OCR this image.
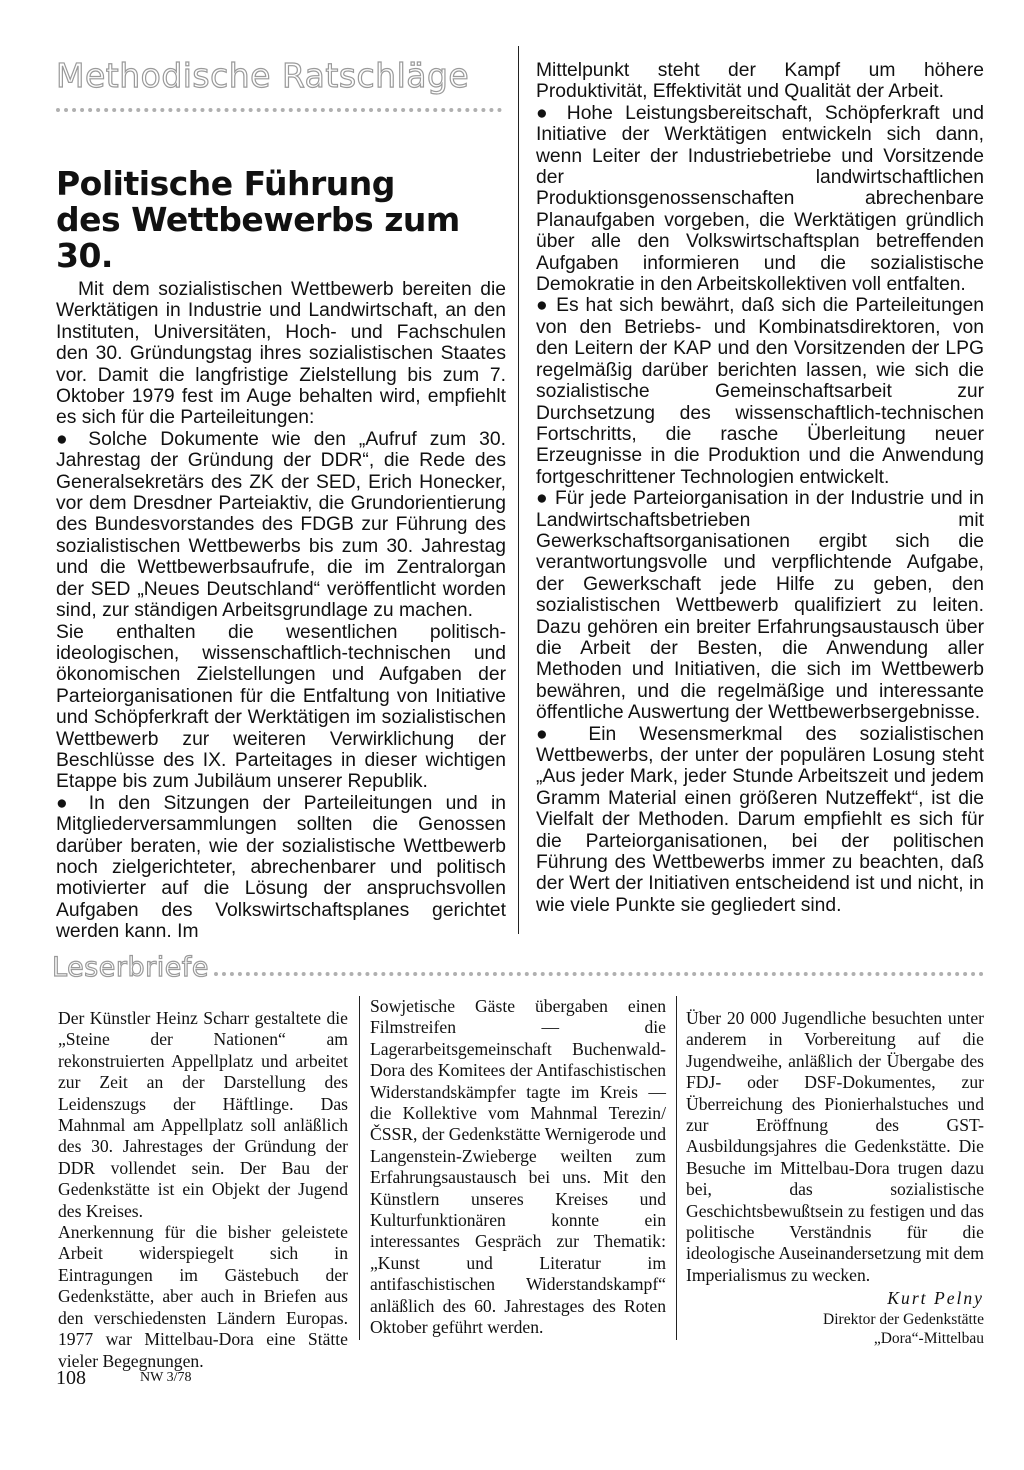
Methodische Ratschläge
Politische Führung
des Wettbewerbs zum 30.

Mit dem sozialistischen Wettbewerb bereiten die Werktätigen in Industrie und Landwirtschaft, an den Instituten, Universitäten, Hoch- und Fachschulen den 30. Gründungstag ihres sozialistischen Staates vor. Damit die langfristige Zielstellung bis zum 7. Oktober 1979 fest im Auge behalten wird, empfiehlt es sich für die Parteileitungen:

● Solche Dokumente wie den „Aufruf zum 30. Jahrestag der Gründung der DDR“, die Rede des Generalsekretärs des ZK der SED, Erich Honecker, vor dem Dresdner Parteiaktiv, die Grundorientierung des Bundesvorstandes des FDGB zur Führung des sozialistischen Wettbewerbs bis zum 30. Jahrestag und die Wettbewerbsaufrufe, die im Zentralorgan der SED „Neues Deutschland“ veröffentlicht worden sind, zur ständigen Arbeitsgrundlage zu machen.

Sie enthalten die wesentlichen politisch-ideologischen, wissenschaftlich-technischen und ökonomischen Zielstellungen und Aufgaben der Parteiorganisationen für die Entfaltung von Initiative und Schöpferkraft der Werktätigen im sozialistischen Wettbewerb zur weiteren Verwirklichung der Beschlüsse des IX. Parteitages in dieser wichtigen Etappe bis zum Jubiläum unserer Republik.

● In den Sitzungen der Parteileitungen und in Mitgliederversammlungen sollten die Genossen darüber beraten, wie der sozialistische Wettbewerb noch zielgerichteter, abrechenbarer und politisch motivierter auf die Lösung der anspruchsvollen Aufgaben des Volkswirtschaftsplanes gerichtet werden kann. Im

Mittelpunkt steht der Kampf um höhere Produktivität, Effektivität und Qualität der Arbeit.

● Hohe Leistungsbereitschaft, Schöpferkraft und Initiative der Werktätigen entwickeln sich dann, wenn Leiter der Industriebetriebe und Vorsitzende der landwirtschaftlichen Produktionsgenossenschaften abrechenbare Planaufgaben vorgeben, die Werktätigen gründlich über alle den Volkswirtschaftsplan betreffenden Aufgaben informieren und die sozialistische Demokratie in den Arbeitskollektiven voll entfalten.

● Es hat sich bewährt, daß sich die Parteileitungen von den Betriebs- und Kombinatsdirektoren, von den Leitern der KAP und den Vorsitzenden der LPG regelmäßig darüber berichten lassen, wie sich die sozialistische Gemeinschaftsarbeit zur Durchsetzung des wissenschaftlich-technischen Fortschritts, die rasche Überleitung neuer Erzeugnisse in die Produktion und die Anwendung fortgeschrittener Technologien entwickelt.

● Für jede Parteiorganisation in der Industrie und in Landwirtschaftsbetrieben mit Gewerkschaftsorganisationen ergibt sich die verantwortungsvolle und verpflichtende Aufgabe, der Gewerkschaft jede Hilfe zu geben, den sozialistischen Wettbewerb qualifiziert zu leiten. Dazu gehören ein breiter Erfahrungsaustausch über die Arbeit der Besten, die Anwendung aller Methoden und Initiativen, die sich im Wettbewerb bewähren, und die regelmäßige und interessante öffentliche Auswertung der Wettbewerbsergebnisse.

● Ein Wesensmerkmal des sozialistischen Wettbewerbs, der unter der populären Losung steht „Aus jeder Mark, jeder Stunde Arbeitszeit und jedem Gramm Material einen größeren Nutzeffekt“, ist die Vielfalt der Methoden. Darum empfiehlt es sich für die Parteiorganisationen, bei der politischen Führung des Wettbewerbs immer zu beachten, daß der Wert der Initiativen entscheidend ist und nicht, in wie viele Punkte sie gegliedert sind.

Leserbriefe

Der Künstler Heinz Scharr gestaltete die „Steine der Nationen“ am rekonstruierten Appellplatz und arbeitet zur Zeit an der Darstellung des Leidenszugs der Häftlinge. Das Mahnmal am Appellplatz soll anläßlich des 30. Jahrestages der Gründung der DDR vollendet sein. Der Bau der Gedenkstätte ist ein Objekt der Jugend des Kreises.

Anerkennung für die bisher geleistete Arbeit widerspiegelt sich in Eintragungen im Gästebuch der Gedenkstätte, aber auch in Briefen aus den verschiedensten Ländern Europas. 1977 war Mittelbau-Dora eine Stätte vieler Begegnungen.

Sowjetische Gäste übergaben einen Filmstreifen — die Lagerarbeitsgemeinschaft Buchenwald-Dora des Komitees der Antifaschistischen Widerstandskämpfer tagte im Kreis — die Kollektive vom Mahnmal Terezin/ČSSR, der Gedenkstätte Wernigerode und Langenstein-Zwieberge weilten zum Erfahrungsaustausch bei uns. Mit den Künstlern unseres Kreises und Kulturfunktionären konnte ein interessantes Gespräch zur Thematik: „Kunst und Literatur im antifaschistischen Widerstandskampf“ anläßlich des 60. Jahrestages des Roten Oktober geführt werden.

Über 20 000 Jugendliche besuchten unter anderem in Vorbereitung auf die Jugendweihe, anläßlich der Übergabe des FDJ- oder DSF-Dokumentes, zur Überreichung des Pionierhalstuches und zur Eröffnung des GST-Ausbildungsjahres die Gedenkstätte. Die Besuche im Mittelbau-Dora trugen dazu bei, das sozialistische Geschichtsbewußtsein zu festigen und das politische Verständnis für die ideologische Auseinandersetzung mit dem Imperialismus zu wecken.

Kurt Pelny

Direktor der Gedenkstätte

„Dora“-Mittelbau

108	NW 3/78
